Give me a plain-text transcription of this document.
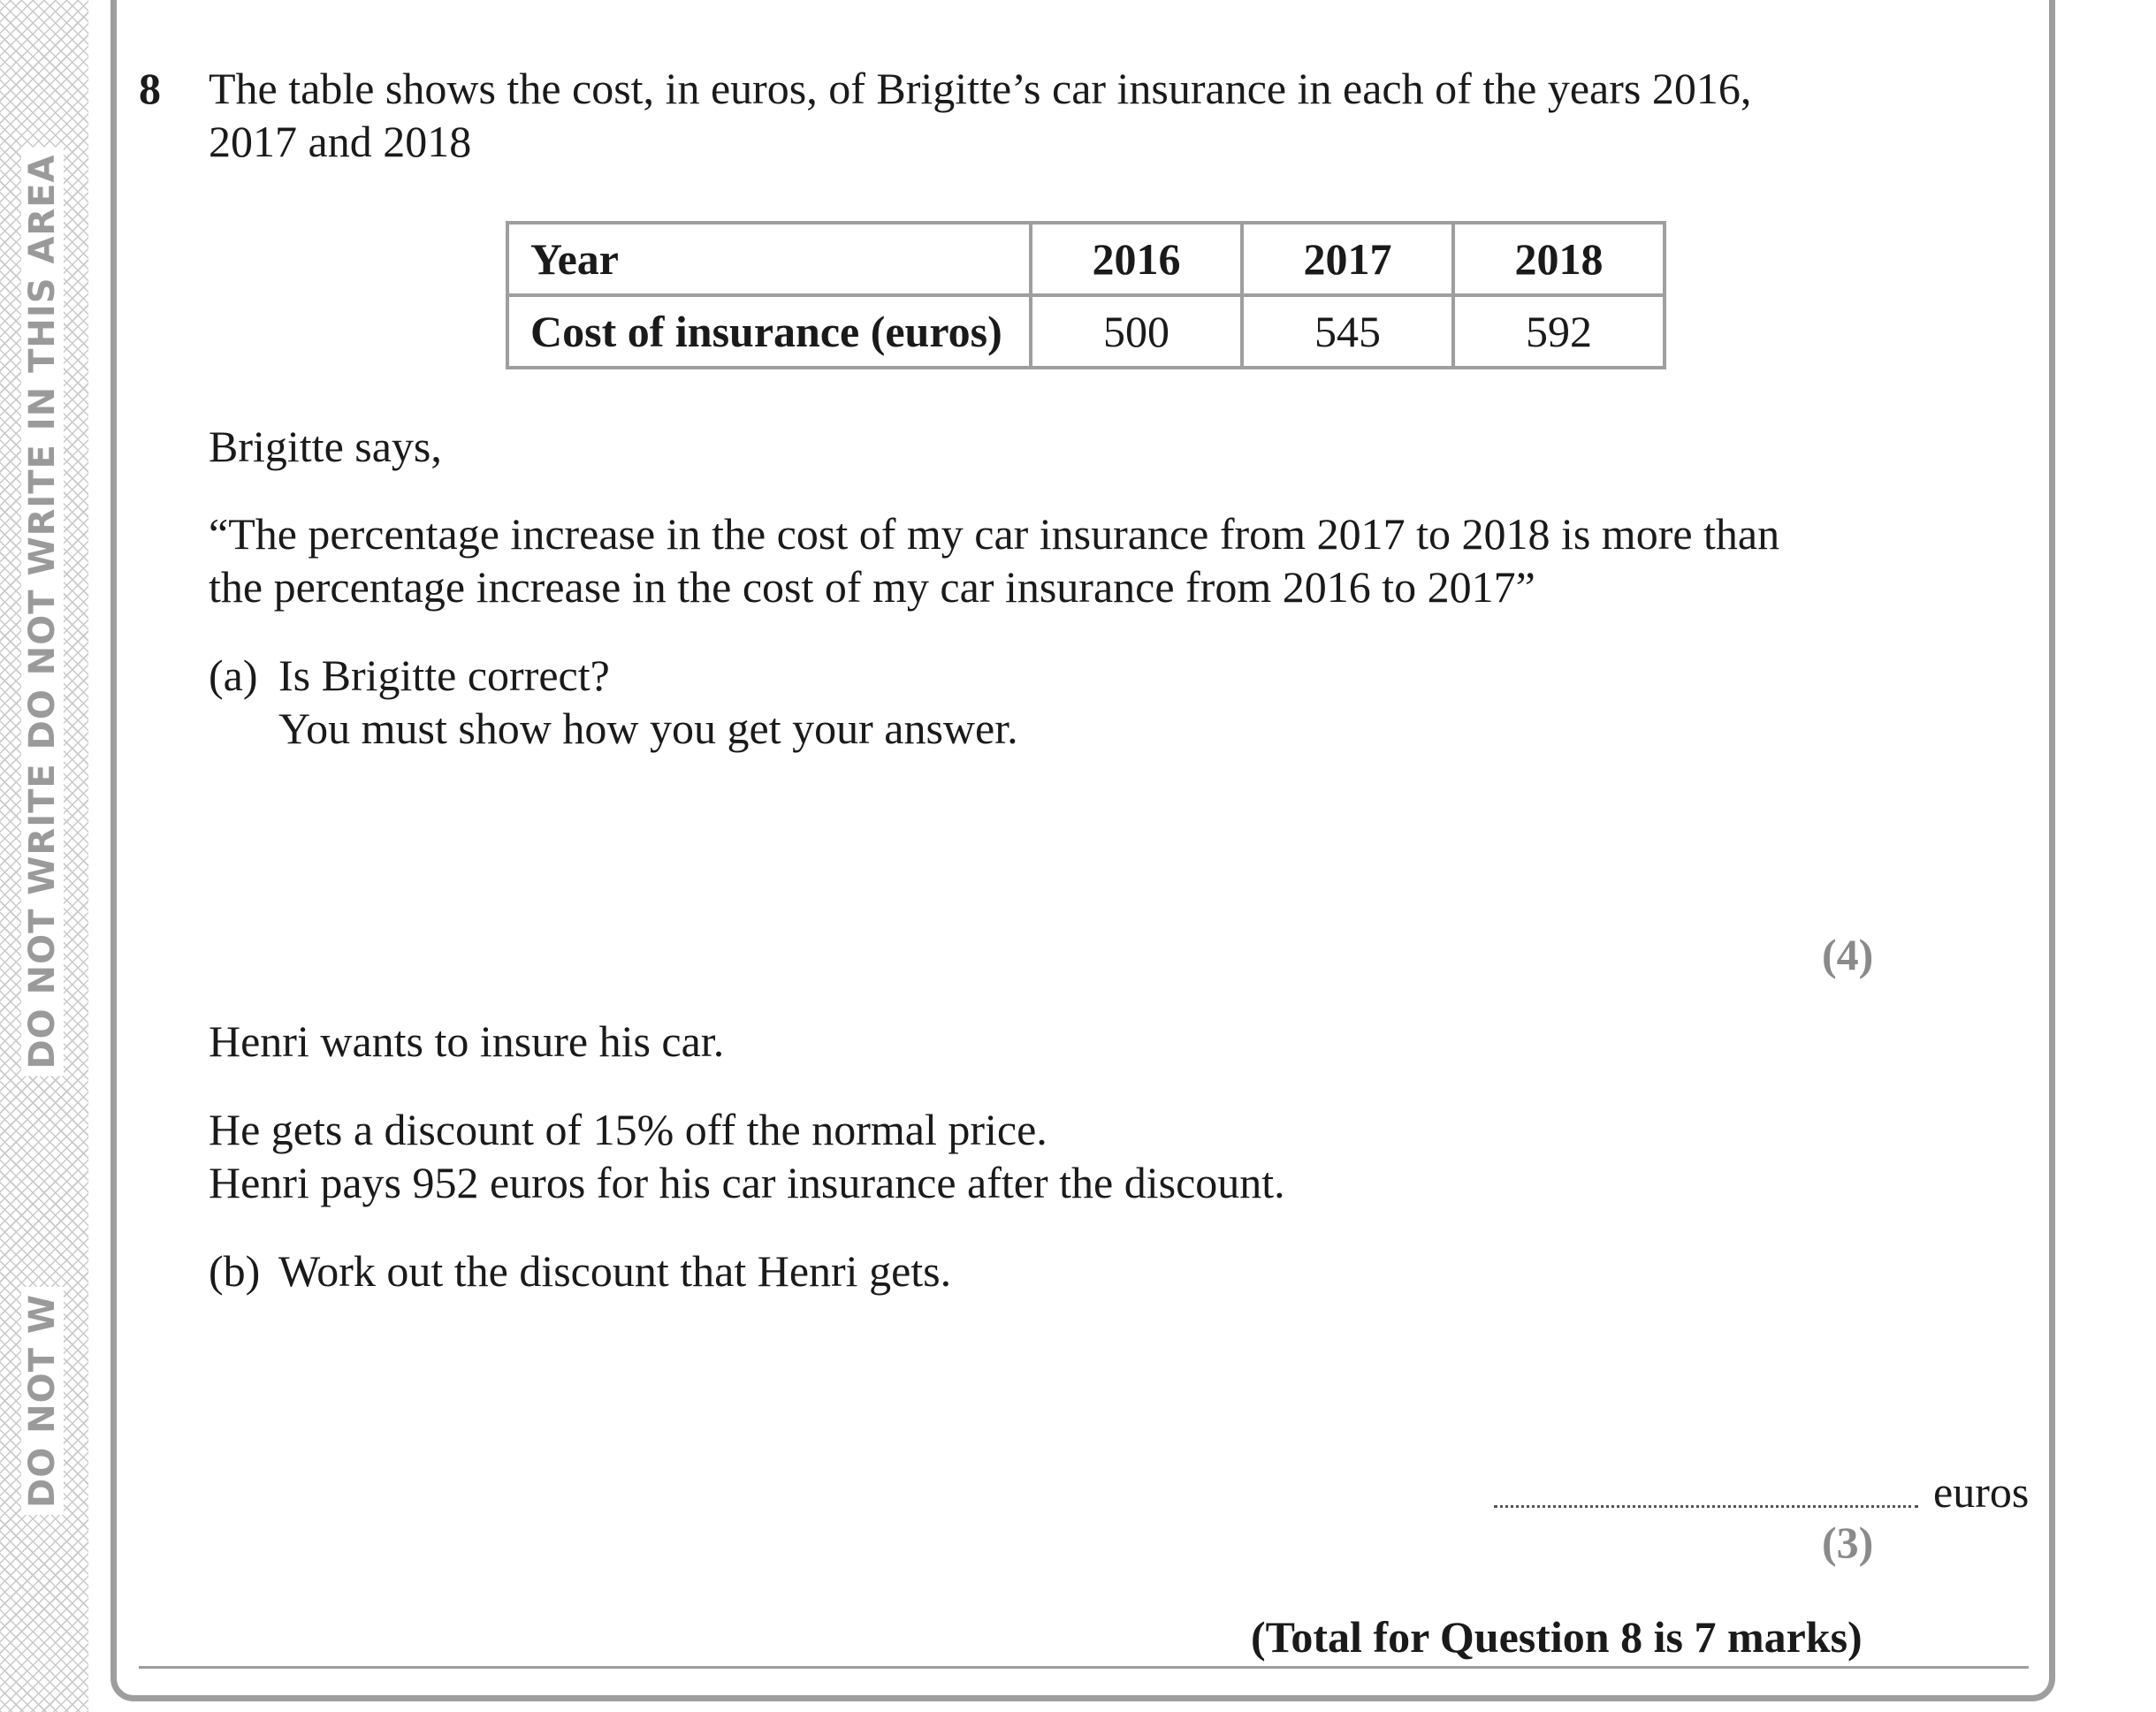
DO NOT WRITE DO NOT WRITE IN THIS AREA
DO NOT W
8 The table shows the cost, in euros, of Brigitte’s car insurance in each of the years 2016,
2017 and 2018
Year	2016	2017	2018
Cost of insurance (euros)	500	545	592
Brigitte says,
“The percentage increase in the cost of my car insurance from 2017 to 2018 is more than
the percentage increase in the cost of my car insurance from 2016 to 2017”
(a) Is Brigitte correct?
You must show how you get your answer.
(4)
Henri wants to insure his car.
He gets a discount of 15% off the normal price.
Henri pays 952 euros for his car insurance after the discount.
(b) Work out the discount that Henri gets.
euros
(3)
(Total for Question 8 is 7 marks)
